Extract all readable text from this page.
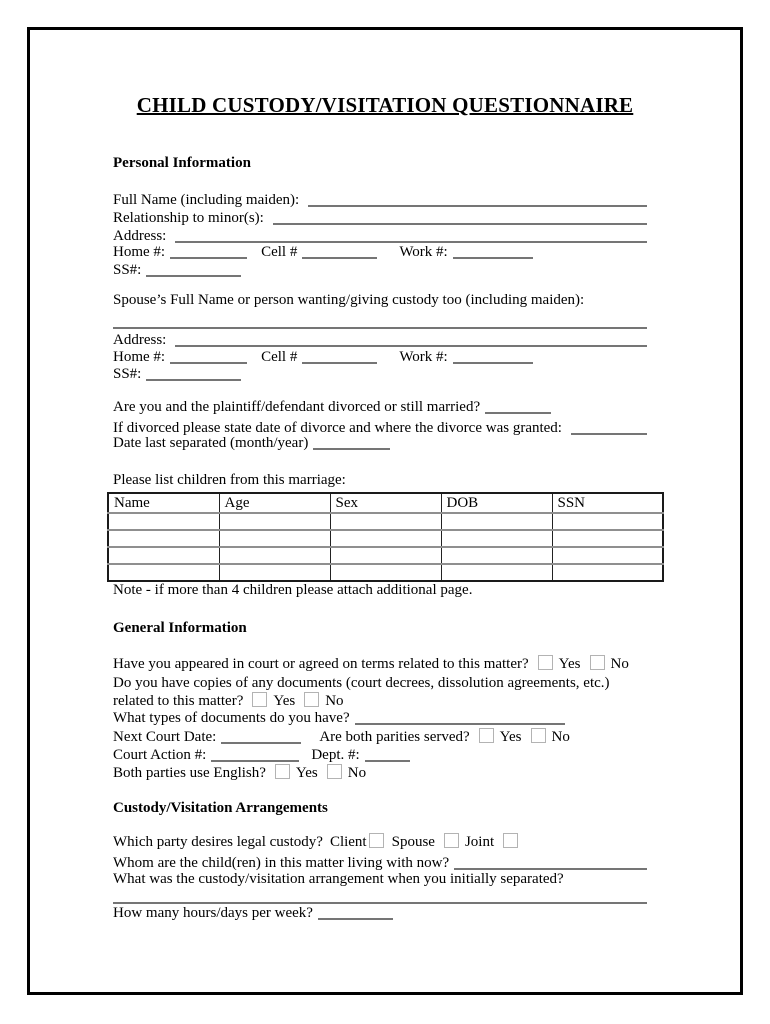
CHILD CUSTODY/VISITATION QUESTIONNAIRE
Personal Information
Full Name (including maiden):
Relationship to minor(s):
Address:
Home #:	Cell #	Work #:
SS#:
Spouse’s Full Name or person wanting/giving custody too (including maiden):
Address:
Home #:	Cell #	Work #:
SS#:
Are you and the plaintiff/defendant divorced or still married?
If divorced please state date of divorce and where the divorce was granted:
Date last separated (month/year)
Please list children from this marriage:
Name	Age	Sex	DOB	SSN

Note - if more than 4 children please attach additional page.
General Information
Have you appeared in court or agreed on terms related to this matter? Yes No
Do you have copies of any documents (court decrees, dissolution agreements, etc.)
related to this matter? Yes No
What types of documents do you have?
Next Court Date:	Are both parities served? Yes No
Court Action #:	Dept. #:
Both parties use English? Yes No
Custody/Visitation Arrangements
Which party desires legal custody? Client Spouse Joint
Whom are the child(ren) in this matter living with now?
What was the custody/visitation arrangement when you initially separated?
How many hours/days per week?
